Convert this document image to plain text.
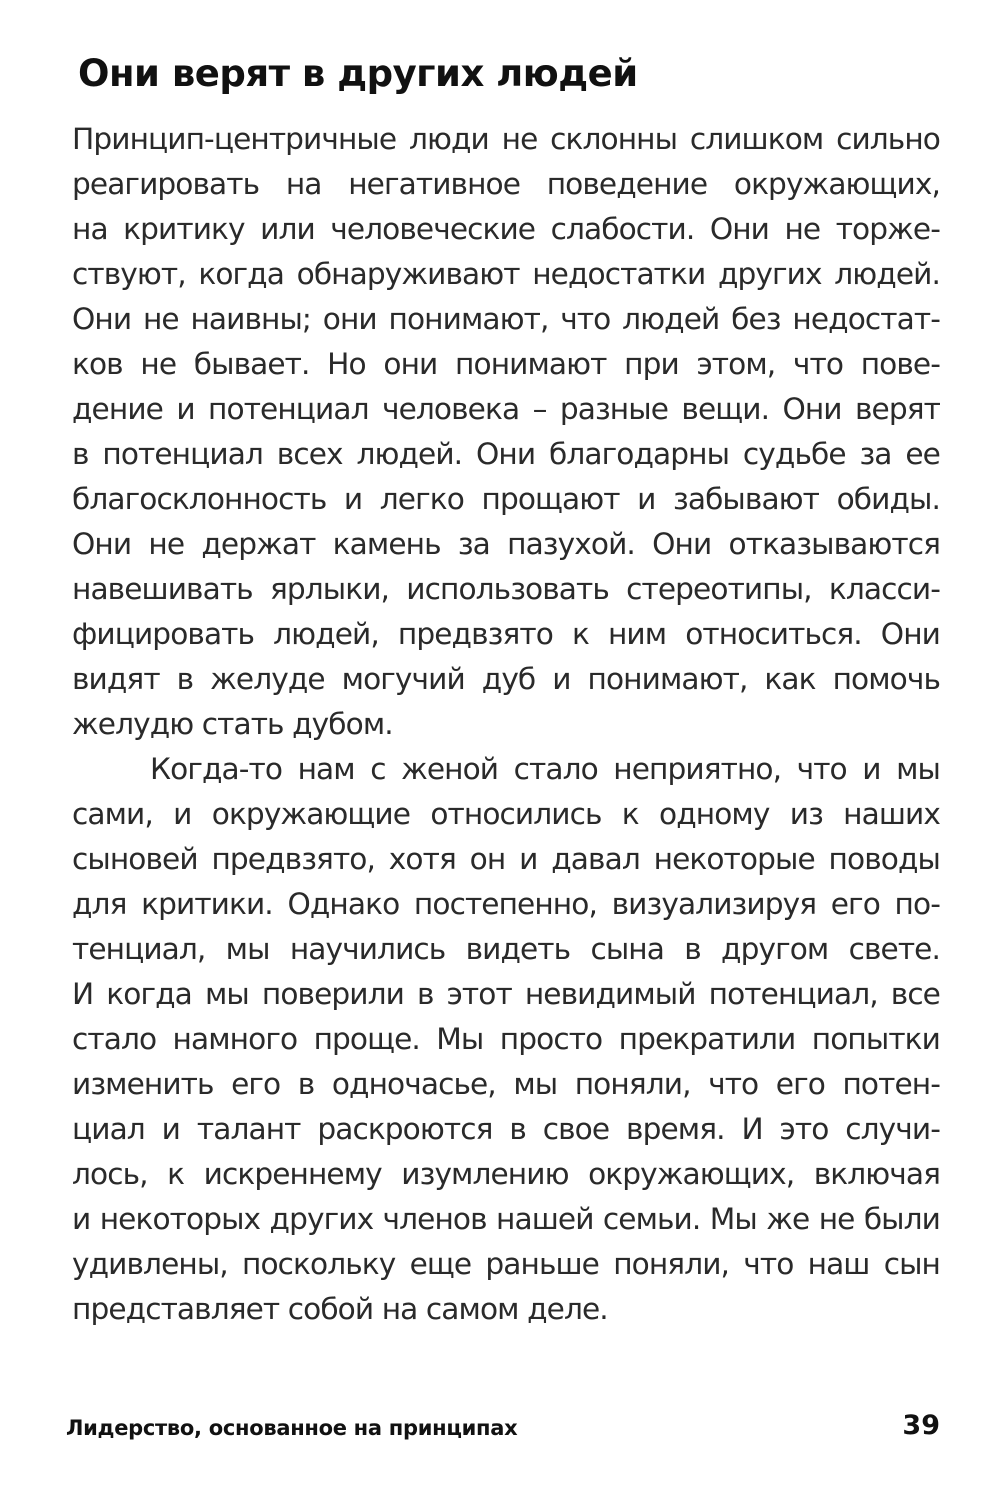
Они верят в других людей
Принцип-центричные люди не склонны слишком сильно
реагировать на негативное поведение окружающих,
на критику или человеческие слабости. Они не торже-
ствуют, когда обнаруживают недостатки других людей.
Они не наивны; они понимают, что людей без недостат-
ков не бывает. Но они понимают при этом, что пове-
дение и потенциал человека – разные вещи. Они верят
в потенциал всех людей. Они благодарны судьбе за ее
благосклонность и легко прощают и забывают обиды.
Они не держат камень за пазухой. Они отказываются
навешивать ярлыки, использовать стереотипы, класси-
фицировать людей, предвзято к ним относиться. Они
видят в желуде могучий дуб и понимают, как помочь
желудю стать дубом.
Когда-то нам с женой стало неприятно, что и мы
сами, и окружающие относились к одному из наших
сыновей предвзято, хотя он и давал некоторые поводы
для критики. Однако постепенно, визуализируя его по-
тенциал, мы научились видеть сына в другом свете.
И когда мы поверили в этот невидимый потенциал, все
стало намного проще. Мы просто прекратили попытки
изменить его в одночасье, мы поняли, что его потен-
циал и талант раскроются в свое время. И это случи-
лось, к искреннему изумлению окружающих, включая
и некоторых других членов нашей семьи. Мы же не были
удивлены, поскольку еще раньше поняли, что наш сын
представляет собой на самом деле.
Лидерство, основанное на принципах	39
